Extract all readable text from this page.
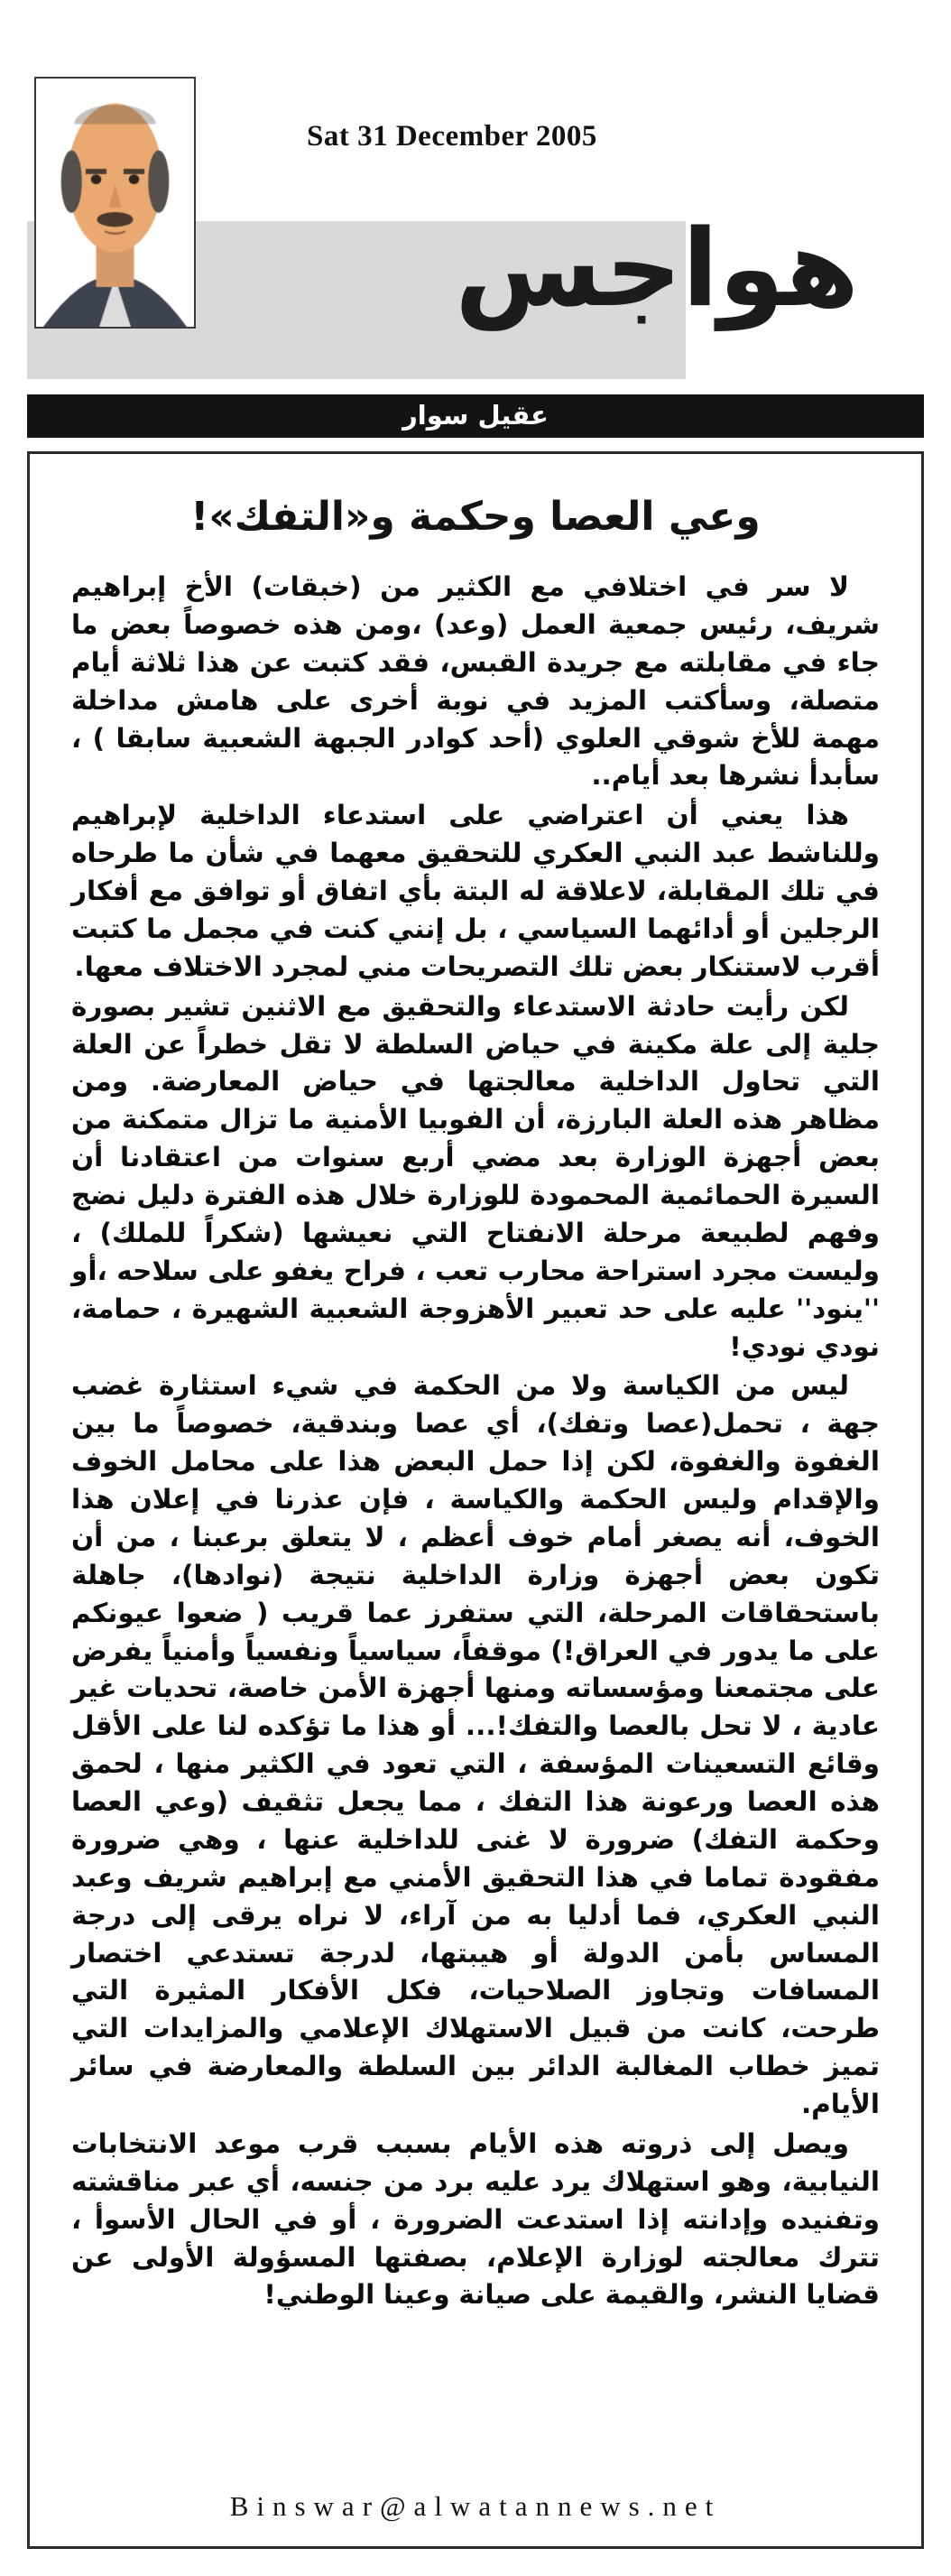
Sat 31 December 2005
هواجس
عقيل سوار
وعي العصا وحكمة و«التفك»!

لا سر في اختلافي مع الكثير من (خبقات) الأخ إبراهيم شريف، رئيس جمعية العمل (وعد) ،ومن هذه خصوصاً بعض ما جاء في مقابلته مع جريدة القبس، فقد كتبت عن هذا ثلاثة أيام متصلة، وسأكتب المزيد في نوبة أخرى على هامش مداخلة مهمة للأخ شوقي العلوي (أحد كوادر الجبهة الشعبية سابقا ) ، سأبدأ نشرها بعد أيام..

هذا يعني أن اعتراضي على استدعاء الداخلية لإبراهيم وللناشط عبد النبي العكري للتحقيق معهما في شأن ما طرحاه في تلك المقابلة، لاعلاقة له البتة بأي اتفاق أو توافق مع أفكار الرجلين أو أدائهما السياسي ، بل إنني كنت في مجمل ما كتبت أقرب لاستنكار بعض تلك التصريحات مني لمجرد الاختلاف معها.

لكن رأيت حادثة الاستدعاء والتحقيق مع الاثنين تشير بصورة جلية إلى علة مكينة في حياض السلطة لا تقل خطراً عن العلة التي تحاول الداخلية معالجتها في حياض المعارضة. ومن مظاهر هذه العلة البارزة، أن الفوبيا الأمنية ما تزال متمكنة من بعض أجهزة الوزارة بعد مضي أربع سنوات من اعتقادنا أن السيرة الحمائمية المحمودة للوزارة خلال هذه الفترة دليل نضج وفهم لطبيعة مرحلة الانفتاح التي نعيشها (شكراً للملك) ، وليست مجرد استراحة محارب تعب ، فراح يغفو على سلاحه ،أو ''ينود'' عليه على حد تعبير الأهزوجة الشعبية الشهيرة ، حمامة، نودي نودي!

ليس من الكياسة ولا من الحكمة في شيء استثارة غضب جهة ، تحمل(عصا وتفك)، أي عصا وبندقية، خصوصاً ما بين الغفوة والغفوة، لكن إذا حمل البعض هذا على محامل الخوف والإقدام وليس الحكمة والكياسة ، فإن عذرنا في إعلان هذا الخوف، أنه يصغر أمام خوف أعظم ، لا يتعلق برعبنا ، من أن تكون بعض أجهزة وزارة الداخلية نتيجة (نوادها)، جاهلة باستحقاقات المرحلة، التي ستفرز عما قريب ( ضعوا عيونكم على ما يدور في العراق!) موقفاً، سياسياً ونفسياً وأمنياً يفرض على مجتمعنا ومؤسساته ومنها أجهزة الأمن خاصة، تحديات غير عادية ، لا تحل بالعصا والتفك!... أو هذا ما تؤكده لنا على الأقل وقائع التسعينات المؤسفة ، التي تعود في الكثير منها ، لحمق هذه العصا ورعونة هذا التفك ، مما يجعل تثقيف (وعي العصا وحكمة التفك) ضرورة لا غنى للداخلية عنها ، وهي ضرورة مفقودة تماما في هذا التحقيق الأمني مع إبراهيم شريف وعبد النبي العكري، فما أدليا به من آراء، لا نراه يرقى إلى درجة المساس بأمن الدولة أو هيبتها، لدرجة تستدعي اختصار المسافات وتجاوز الصلاحيات، فكل الأفكار المثيرة التي طرحت، كانت من قبيل الاستهلاك الإعلامي والمزايدات التي تميز خطاب المغالبة الدائر بين السلطة والمعارضة في سائر الأيام.

ويصل إلى ذروته هذه الأيام بسبب قرب موعد الانتخابات النيابية، وهو استهلاك يرد عليه برد من جنسه، أي عبر مناقشته وتفنيده وإدانته إذا استدعت الضرورة ، أو في الحال الأسوأ ، تترك معالجته لوزارة الإعلام، بصفتها المسؤولة الأولى عن قضايا النشر، والقيمة على صيانة وعينا الوطني!

Binswar@alwatannews.net
